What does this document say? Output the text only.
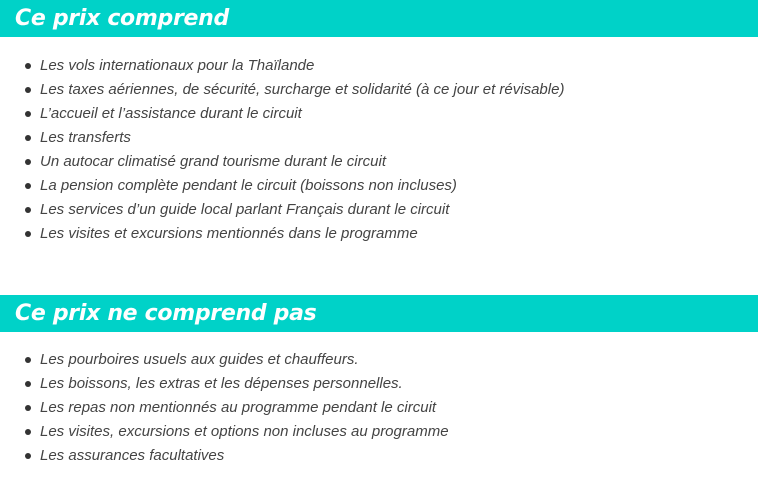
Ce prix comprend
Les vols internationaux pour la Thaïlande
Les taxes aériennes, de sécurité, surcharge et solidarité (à ce jour et révisable)
L’accueil et l’assistance durant le circuit
Les transferts
Un autocar climatisé grand tourisme durant le circuit
La pension complète pendant le circuit (boissons non incluses)
Les services d’un guide local parlant Français durant le circuit
Les visites et excursions mentionnés dans le programme
Ce prix ne comprend pas
Les pourboires usuels aux guides et chauffeurs.
Les boissons, les extras et les dépenses personnelles.
Les repas non mentionnés au programme pendant le circuit
Les visites, excursions et options non incluses au programme
Les assurances facultatives
